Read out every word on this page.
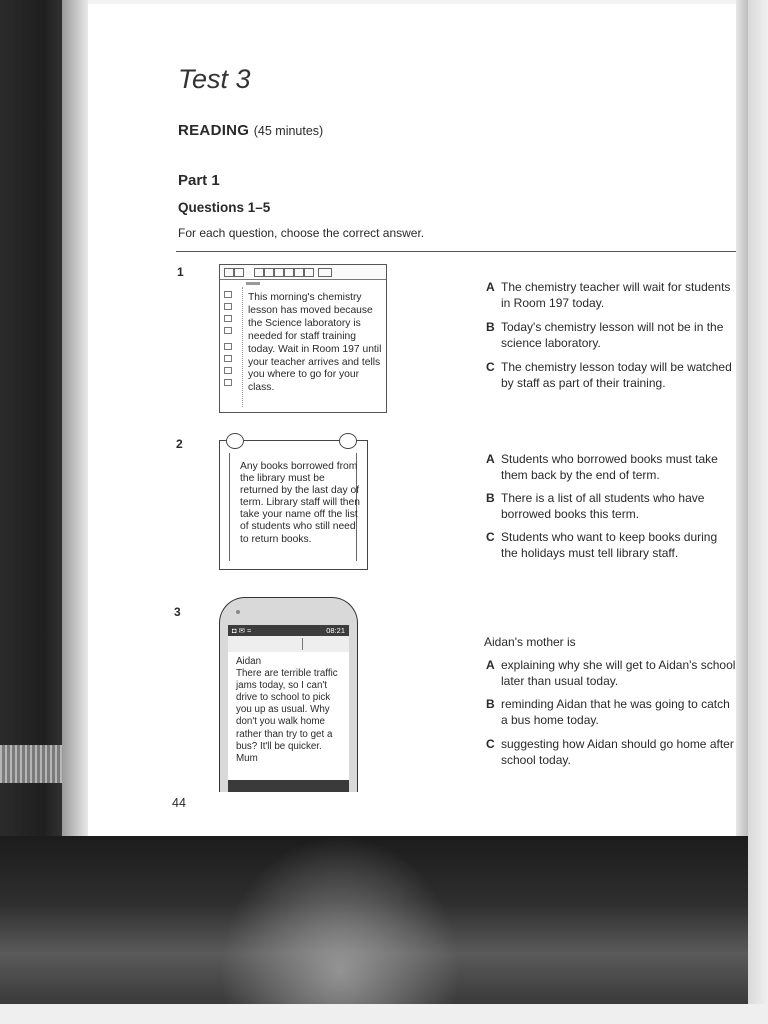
Test 3
READING (45 minutes)
Part 1
Questions 1–5
For each question, choose the correct answer.
1
This morning's chemistry lesson has moved because the Science laboratory is needed for staff training today. Wait in Room 197 until your teacher arrives and tells you where to go for your class.
A The chemistry teacher will wait for students in Room 197 today.
B Today's chemistry lesson will not be in the science laboratory.
C The chemistry lesson today will be watched by staff as part of their training.
2
Any books borrowed from the library must be returned by the last day of term. Library staff will then take your name off the list of students who still need to return books.
A Students who borrowed books must take them back by the end of term.
B There is a list of all students who have borrowed books this term.
C Students who want to keep books during the holidays must tell library staff.
3
◘ ✉ ≈	08:21
Aidan
There are terrible traffic jams today, so I can't drive to school to pick you up as usual. Why don't you walk home rather than try to get a bus? It'll be quicker.
Mum
Aidan's mother is
A explaining why she will get to Aidan's school later than usual today.
B reminding Aidan that he was going to catch a bus home today.
C suggesting how Aidan should go home after school today.
44
